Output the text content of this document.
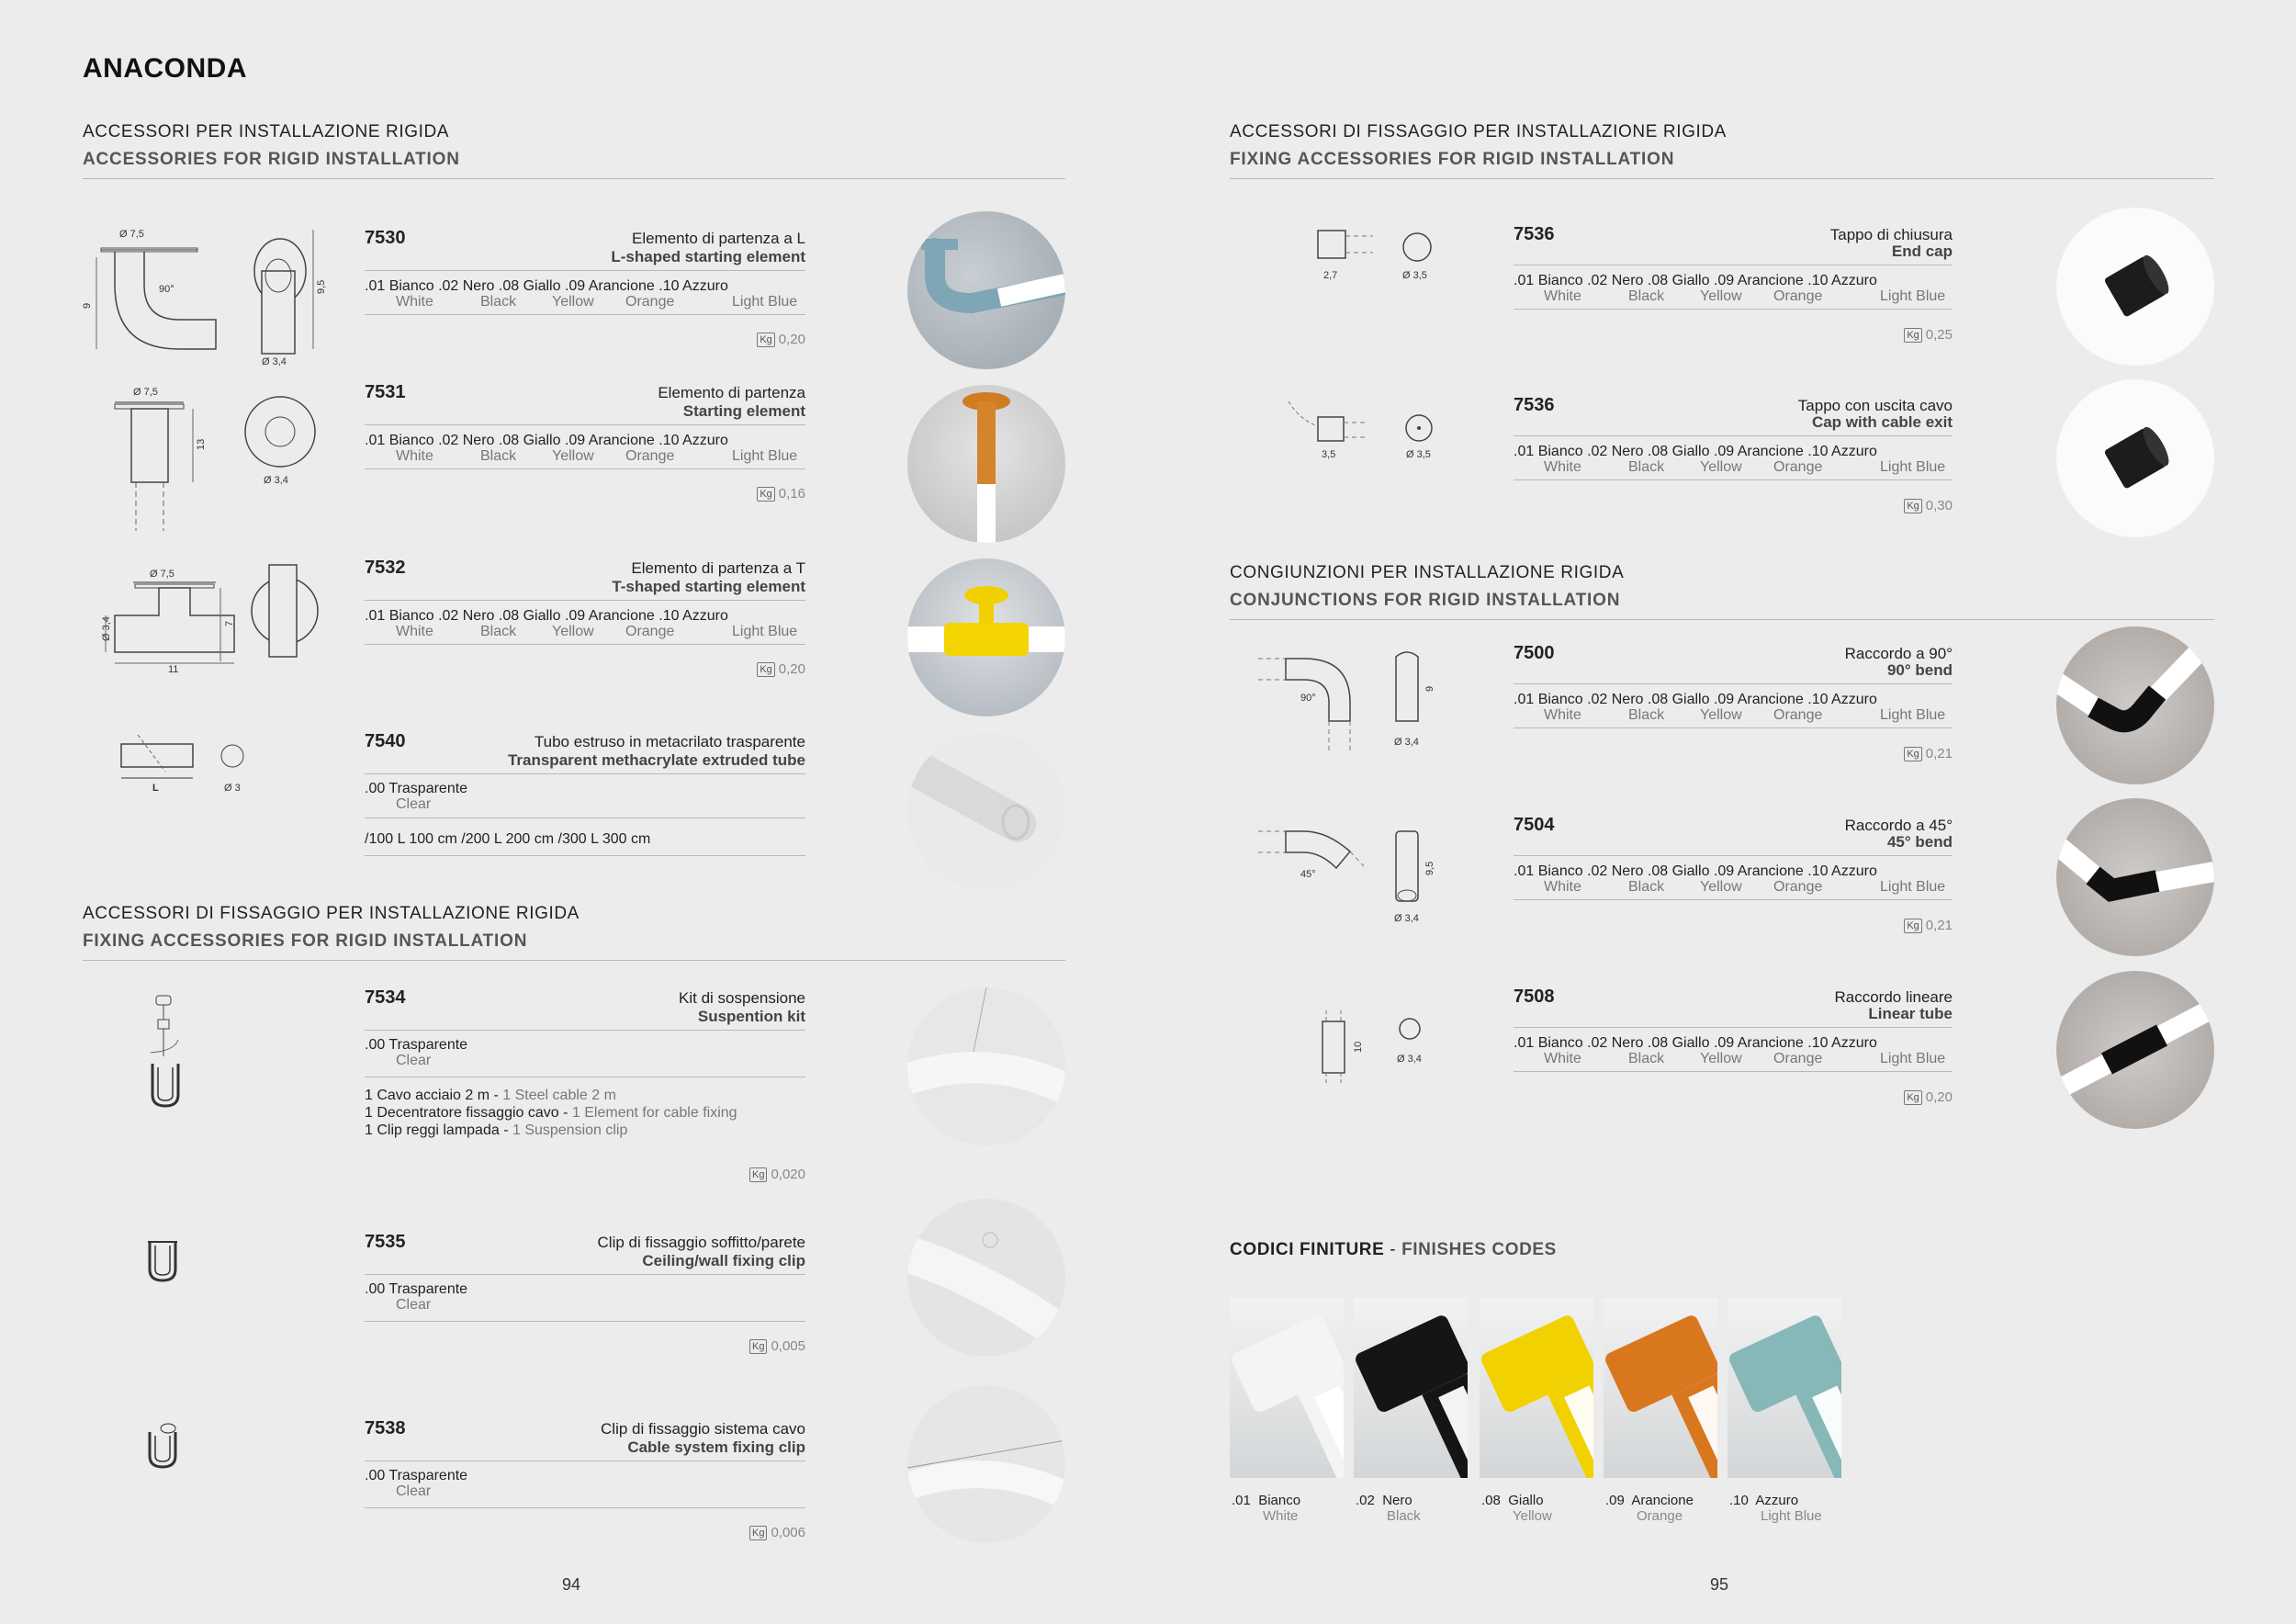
ANACONDA
ACCESSORI PER INSTALLAZIONE RIGIDA
ACCESSORIES FOR RIGID INSTALLATION
7530	Elemento di partenza a L
L-shaped starting element
.01 Bianco .02 Nero .08 Giallo .09 Arancione .10 Azzuro
White	Black Yellow Orange	Light Blue
Kg 0,20
7531	Elemento di partenza
Starting element
.01 Bianco .02 Nero .08 Giallo .09 Arancione .10 Azzuro
White	Black Yellow Orange	Light Blue
Kg 0,16
7532	Elemento di partenza a T
T-shaped starting element
.01 Bianco .02 Nero .08 Giallo .09 Arancione .10 Azzuro
White	Black Yellow Orange	Light Blue
Kg 0,20
7540	Tubo estruso in metacrilato trasparente
Transparent methacrylate extruded tube
.00 Trasparente
Clear
/100 L 100 cm /200 L 200 cm /300 L 300 cm
ACCESSORI DI FISSAGGIO PER INSTALLAZIONE RIGIDA
FIXING ACCESSORIES FOR RIGID INSTALLATION
7534	Kit di sospensione
Suspention kit
.00 Trasparente
Clear
1 Cavo acciaio 2 m - 1 Steel cable 2 m
1 Decentratore fissaggio cavo - 1 Element for cable fixing
1 Clip reggi lampada - 1 Suspension clip
Kg 0,020
7535	Clip di fissaggio soffitto/parete
Ceiling/wall fixing clip
.00 Trasparente
Clear
Kg 0,005
7538	Clip di fissaggio sistema cavo
Cable system fixing clip
.00 Trasparente
Clear
Kg 0,006
94
Ø 7,5
9
90°	9,5
Ø 3,4
Ø 7,5
13
Ø 3,4
Ø 7,5
Ø 3,4	7
11
L	Ø 3
ACCESSORI DI FISSAGGIO PER INSTALLAZIONE RIGIDA
FIXING ACCESSORIES FOR RIGID INSTALLATION
7536	Tappo di chiusura
End cap
.01 Bianco .02 Nero .08 Giallo .09 Arancione .10 Azzuro
White	Black Yellow Orange	Light Blue
Kg 0,25
7536	Tappo con uscita cavo
Cap with cable exit
.01 Bianco .02 Nero .08 Giallo .09 Arancione .10 Azzuro
White	Black Yellow Orange	Light Blue
Kg 0,30
CONGIUNZIONI PER INSTALLAZIONE RIGIDA
CONJUNCTIONS FOR RIGID INSTALLATION
7500	Raccordo a 90°
90° bend
.01 Bianco .02 Nero .08 Giallo .09 Arancione .10 Azzuro
White	Black Yellow Orange	Light Blue
Kg 0,21
7504	Raccordo a 45°
45° bend
.01 Bianco .02 Nero .08 Giallo .09 Arancione .10 Azzuro
White	Black Yellow Orange	Light Blue
Kg 0,21
7508	Raccordo lineare
Linear tube
.01 Bianco .02 Nero .08 Giallo .09 Arancione .10 Azzuro
White	Black Yellow Orange	Light Blue
Kg 0,20
2,7	Ø 3,5
3,5	Ø 3,5
90°
9
Ø 3,4
45°	9,5
Ø 3,4
10
Ø 3,4
CODICI FINITURE - FINISHES CODES
.01 Bianco
White
.02 Nero
Black
.08 Giallo
Yellow
.09 Arancione
Orange
.10 Azzuro
Light Blue
95
